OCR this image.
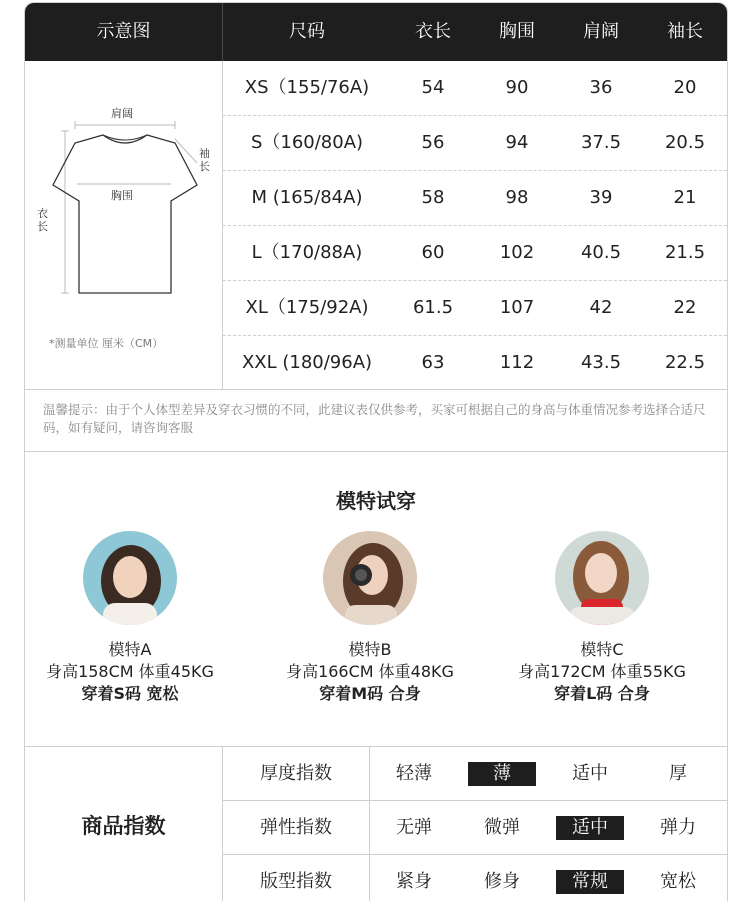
示意图	尺码	衣长	胸围	肩阔	袖长
肩阔
袖长
胸围
衣长
*测量单位 厘米（CM）
XS（155/76A)	54	90	36	20
S（160/80A)	56	94	37.5	20.5
M (165/84A)	58	98	39	21
L（170/88A)	60	102	40.5	21.5
XL（175/92A)	61.5	107	42	22
XXL (180/96A)	63	112	43.5	22.5
温馨提示：由于个人体型差异及穿衣习惯的不同，此建议表仅供参考，买家可根据自己的身高与体重情况参考选择合适尺码，如有疑问，请咨询客服
模特试穿
模特A
身高158CM 体重45KG
穿着S码 宽松
模特B
身高166CM 体重48KG
穿着M码 合身
模特C
身高172CM 体重55KG
穿着L码 合身
商品指数
厚度指数	轻薄	薄	适中	厚
弹性指数	无弹	微弹	适中	弹力
版型指数	紧身	修身	常规	宽松
